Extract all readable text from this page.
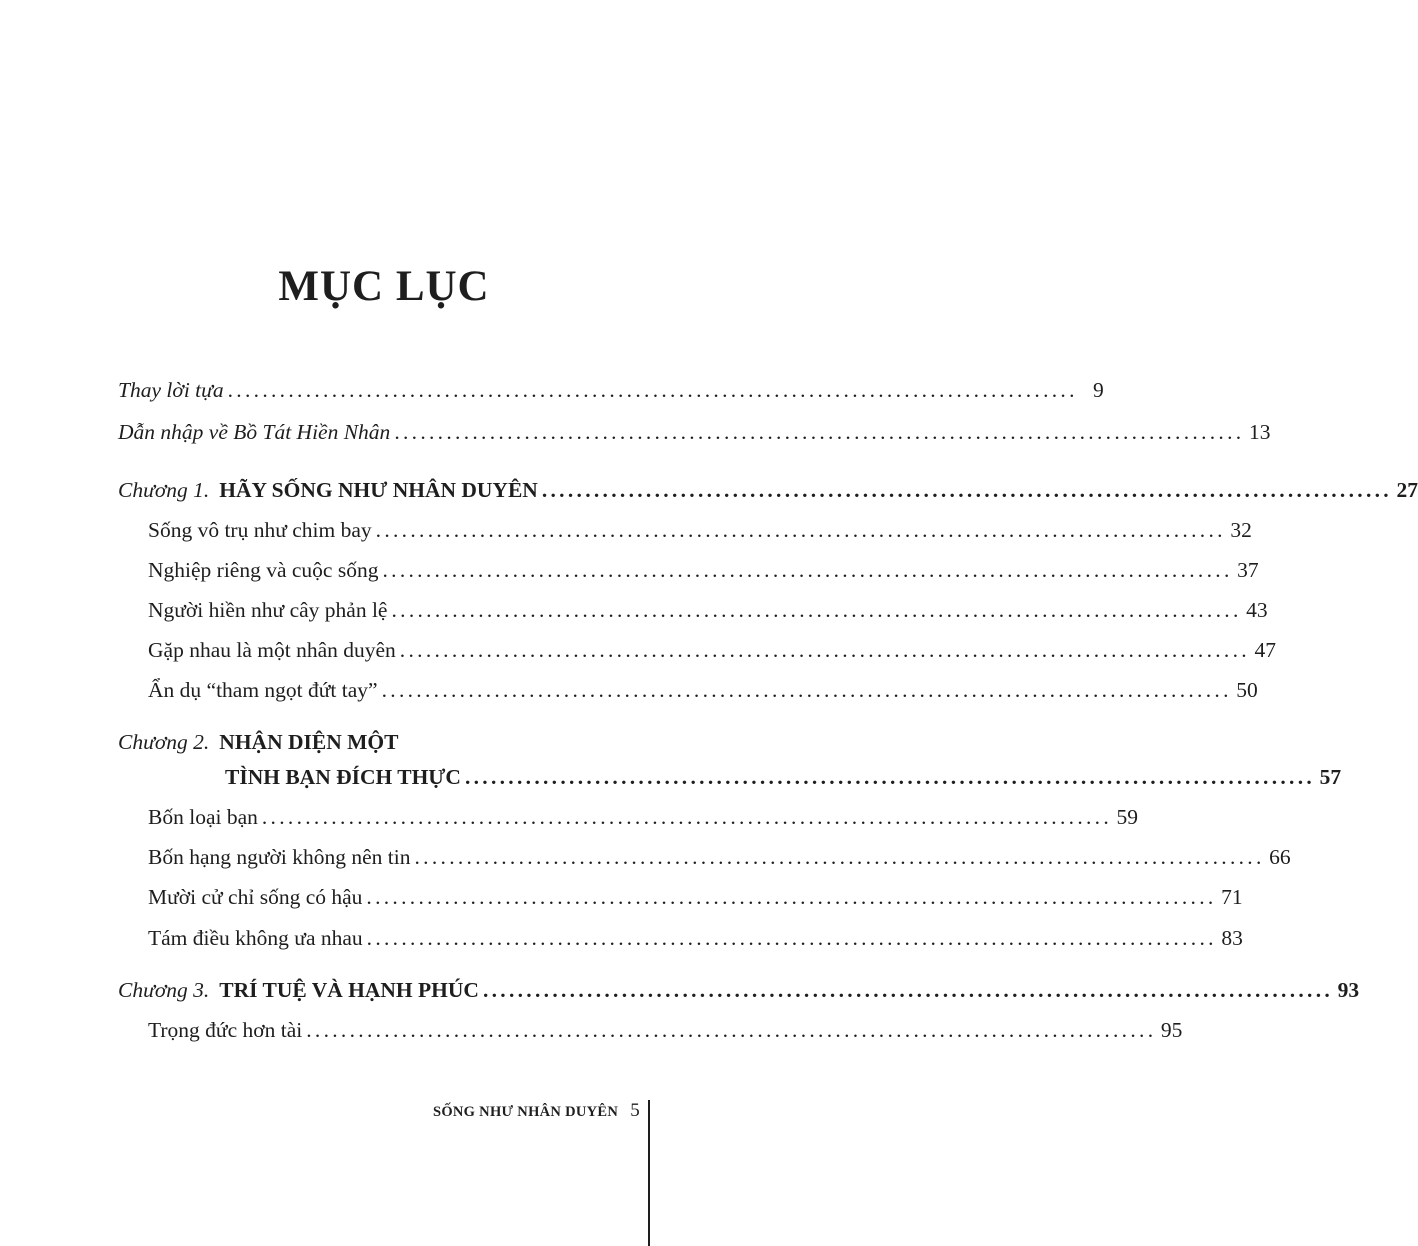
MỤC LỤC
Thay lời tựa .................................................................................................. 9
Dẫn nhập về Bồ Tát Hiền Nhân .................................................................................................. 13
Chương 1. HÃY SỐNG NHƯ NHÂN DUYÊN .................................................................................................. 27
Sống vô trụ như chim bay .................................................................................................. 32
Nghiệp riêng và cuộc sống .................................................................................................. 37
Người hiền như cây phản lệ .................................................................................................. 43
Gặp nhau là một nhân duyên .................................................................................................. 47
Ẩn dụ “tham ngọt đứt tay” .................................................................................................. 50
Chương 2. NHẬN DIỆN MỘT
TÌNH BẠN ĐÍCH THỰC .................................................................................................. 57
Bốn loại bạn .................................................................................................. 59
Bốn hạng người không nên tin .................................................................................................. 66
Mười cử chỉ sống có hậu .................................................................................................. 71
Tám điều không ưa nhau .................................................................................................. 83
Chương 3. TRÍ TUỆ VÀ HẠNH PHÚC .................................................................................................. 93
Trọng đức hơn tài .................................................................................................. 95
SỐNG NHƯ NHÂN DUYÊN 5
